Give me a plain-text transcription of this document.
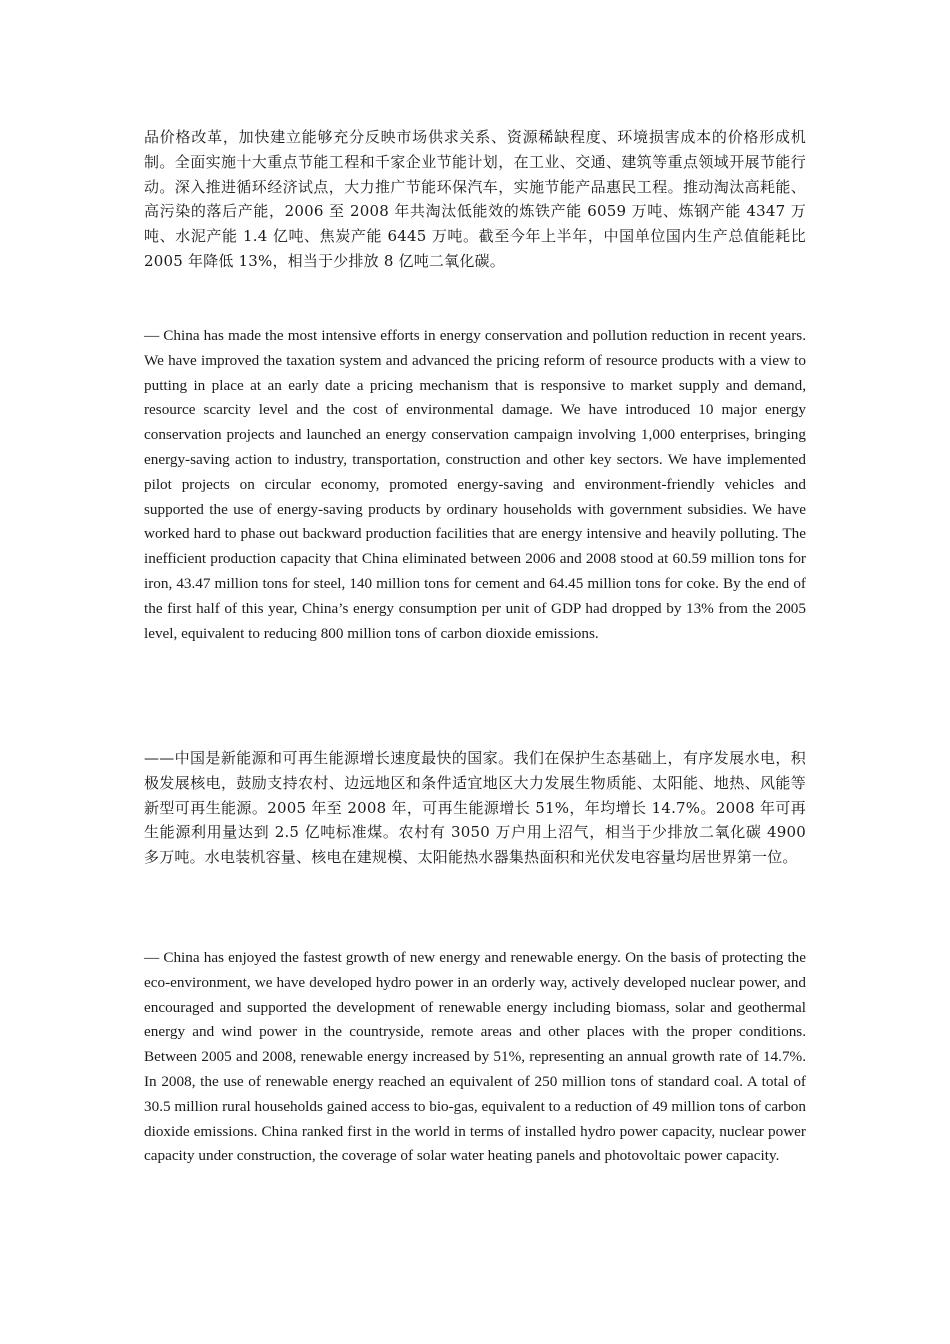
品价格改革，加快建立能够充分反映市场供求关系、资源稀缺程度、环境损害成本的价格形成机制。全面实施十大重点节能工程和千家企业节能计划，在工业、交通、建筑等重点领域开展节能行动。深入推进循环经济试点，大力推广节能环保汽车，实施节能产品惠民工程。推动淘汰高耗能、高污染的落后产能，2006 至 2008 年共淘汰低能效的炼铁产能 6059 万吨、炼钢产能 4347 万吨、水泥产能 1.4 亿吨、焦炭产能 6445 万吨。截至今年上半年，中国单位国内生产总值能耗比 2005 年降低 13%，相当于少排放 8 亿吨二氧化碳。

— China has made the most intensive efforts in energy conservation and pollution reduction in recent years. We have improved the taxation system and advanced the pricing reform of resource products with a view to putting in place at an early date a pricing mechanism that is responsive to market supply and demand, resource scarcity level and the cost of environmental damage. We have introduced 10 major energy conservation projects and launched an energy conservation campaign involving 1,000 enterprises, bringing energy-saving action to industry, transportation, construction and other key sectors. We have implemented pilot projects on circular economy, promoted energy-saving and environment-friendly vehicles and supported the use of energy-saving products by ordinary households with government subsidies. We have worked hard to phase out backward production facilities that are energy intensive and heavily polluting. The inefficient production capacity that China eliminated between 2006 and 2008 stood at 60.59 million tons for iron, 43.47 million tons for steel, 140 million tons for cement and 64.45 million tons for coke. By the end of the first half of this year, China’s energy consumption per unit of GDP had dropped by 13% from the 2005 level, equivalent to reducing 800 million tons of carbon dioxide emissions.

——中国是新能源和可再生能源增长速度最快的国家。我们在保护生态基础上，有序发展水电，积极发展核电，鼓励支持农村、边远地区和条件适宜地区大力发展生物质能、太阳能、地热、风能等新型可再生能源。2005 年至 2008 年，可再生能源增长 51%，年均增长 14.7%。2008 年可再生能源利用量达到 2.5 亿吨标准煤。农村有 3050 万户用上沼气，相当于少排放二氧化碳 4900 多万吨。水电装机容量、核电在建规模、太阳能热水器集热面积和光伏发电容量均居世界第一位。

— China has enjoyed the fastest growth of new energy and renewable energy. On the basis of protecting the eco-environment, we have developed hydro power in an orderly way, actively developed nuclear power, and encouraged and supported the development of renewable energy including biomass, solar and geothermal energy and wind power in the countryside, remote areas and other places with the proper conditions. Between 2005 and 2008, renewable energy increased by 51%, representing an annual growth rate of 14.7%. In 2008, the use of renewable energy reached an equivalent of 250 million tons of standard coal. A total of 30.5 million rural households gained access to bio-gas, equivalent to a reduction of 49 million tons of carbon dioxide emissions. China ranked first in the world in terms of installed hydro power capacity, nuclear power capacity under construction, the coverage of solar water heating panels and photovoltaic power capacity.
